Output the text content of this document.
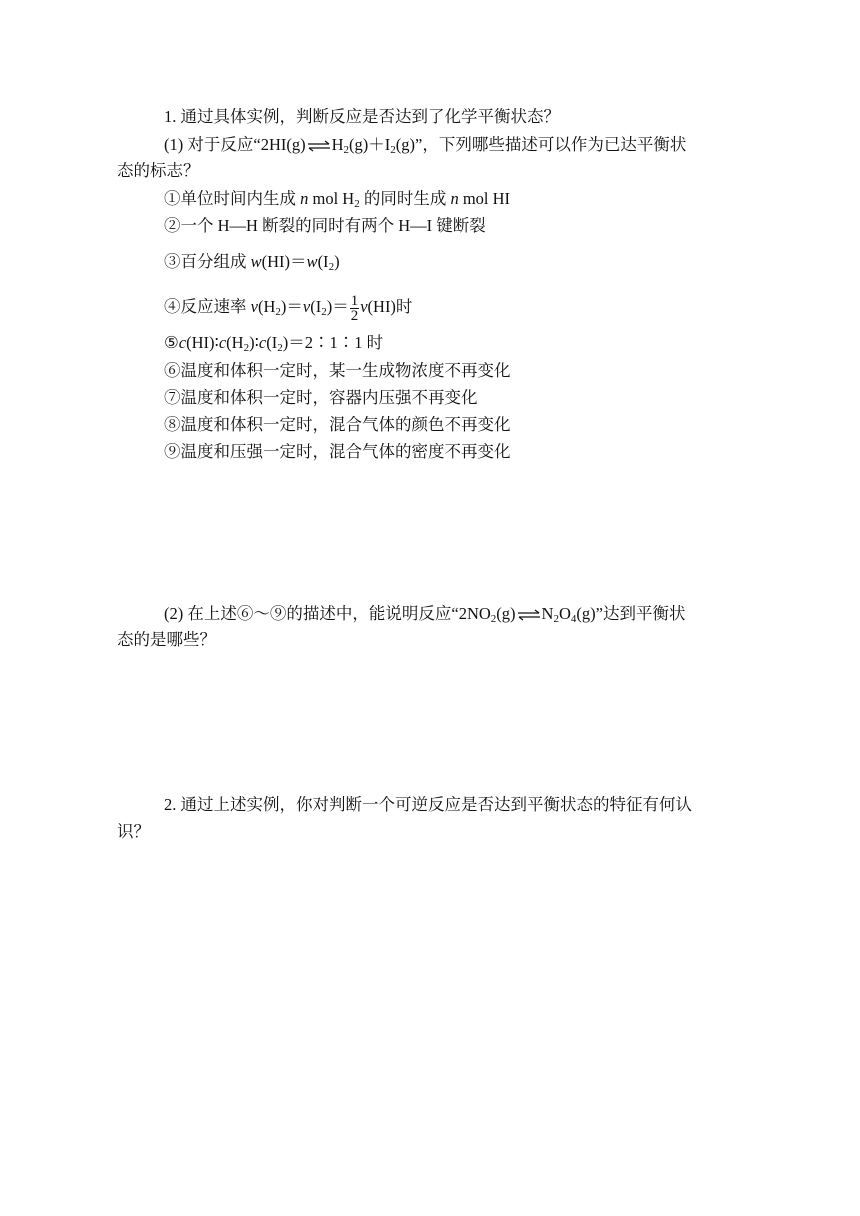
1. 通过具体实例，判断反应是否达到了化学平衡状态？
(1) 对于反应“$2HI(g)\rightleftharpoons H_2(g)+I_2(g)$”，下列哪些描述可以作为已达平衡状
态的标志？
①单位时间内生成 n mol $H_2$ 的同时生成 n mol HI
②一个 H—H 断裂的同时有两个 H—I 键断裂
③百分组成 $w(HI)=w(I_2)$
④反应速率 $v(H_2)=v(I_2)= \frac{1}{2} v(HI)$时
$⑤c(HI)∶c(H_2)∶c(I_2)=2∶1∶1$ 时
⑥温度和体积一定时，某一生成物浓度不再变化
⑦温度和体积一定时，容器内压强不再变化
⑧温度和体积一定时，混合气体的颜色不再变化
⑨温度和压强一定时，混合气体的密度不再变化
(2) 在上述⑥～⑨的描述中，能说明反应“$2NO_2(g)\rightleftharpoons N_2O_4(g)$”达到平衡状
态的是哪些？
2. 通过上述实例，你对判断一个可逆反应是否达到平衡状态的特征有何认
识？
